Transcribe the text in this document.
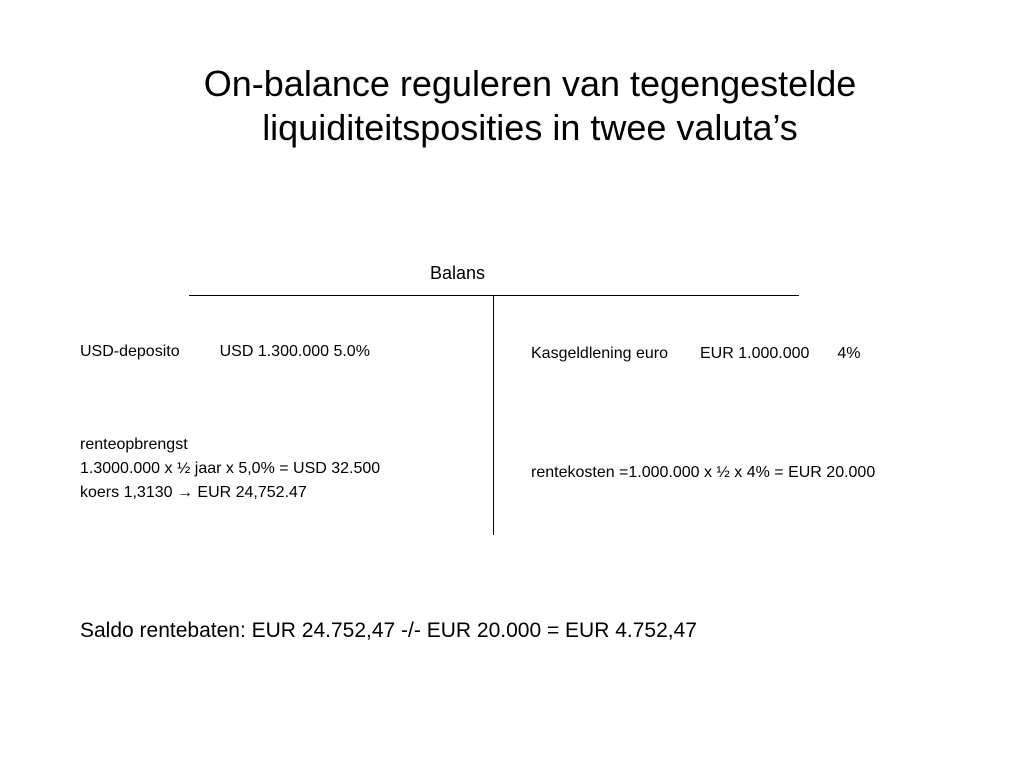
On-balance reguleren van tegengestelde
liquiditeitsposities in twee valuta’s
Balans
USD-deposito	USD 1.300.000 5.0%
renteopbrengst
1.3000.000 x ½ jaar x 5,0% = USD 32.500
koers 1,3130 → EUR 24,752.47
Kasgeldlening euro EUR 1.000.000 4%
rentekosten =1.000.000 x ½ x 4% = EUR 20.000
Saldo rentebaten: EUR 24.752,47 -/- EUR 20.000 = EUR 4.752,47
